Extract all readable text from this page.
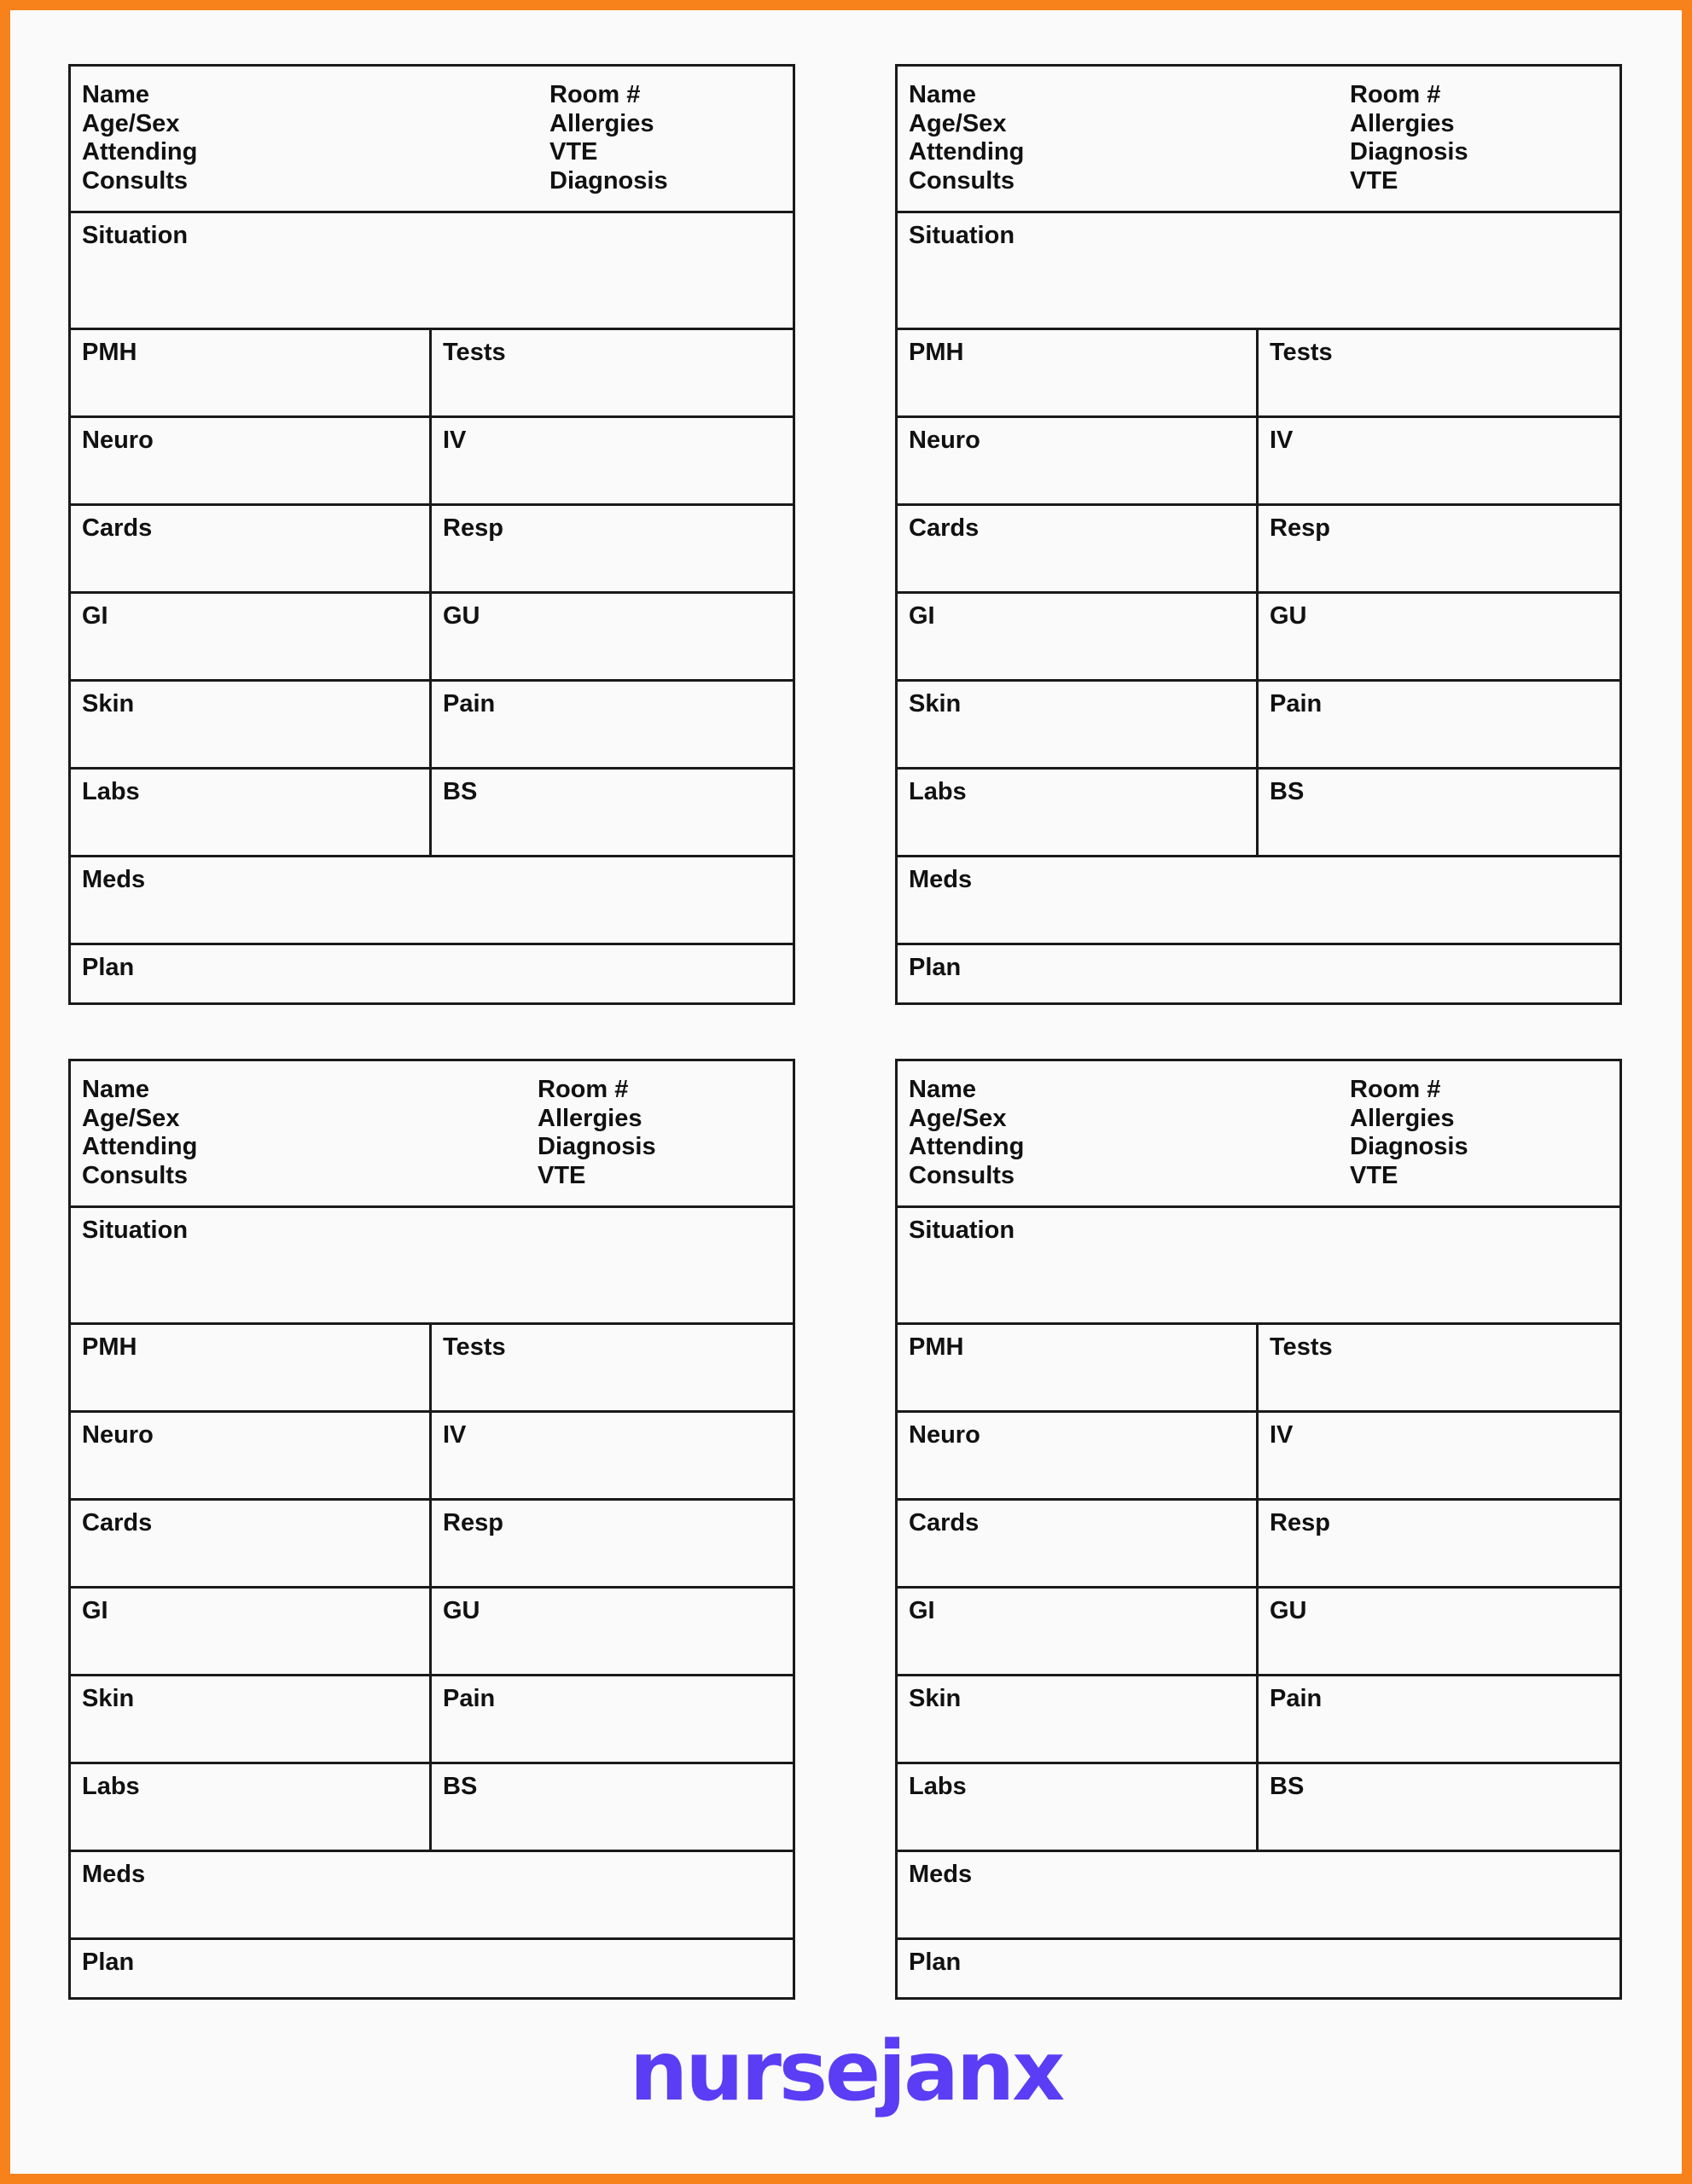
Name
Age/Sex
Attending
Consults
Room #
Allergies
VTE
Diagnosis

Situation

PMH	Tests

Neuro	IV

Cards	Resp

GI	GU

Skin	Pain

Labs	BS

Meds

Plan

Name
Age/Sex
Attending
Consults
Room #
Allergies
Diagnosis
VTE

Situation

PMH	Tests

Neuro	IV

Cards	Resp

GI	GU

Skin	Pain

Labs	BS

Meds

Plan

Name
Age/Sex
Attending
Consults
Room #
Allergies
Diagnosis
VTE

Situation

PMH	Tests

Neuro	IV

Cards	Resp

GI	GU

Skin	Pain

Labs	BS

Meds

Plan

Name
Age/Sex
Attending
Consults
Room #
Allergies
Diagnosis
VTE

Situation

PMH	Tests

Neuro	IV

Cards	Resp

GI	GU

Skin	Pain

Labs	BS

Meds

Plan

nursejanx
